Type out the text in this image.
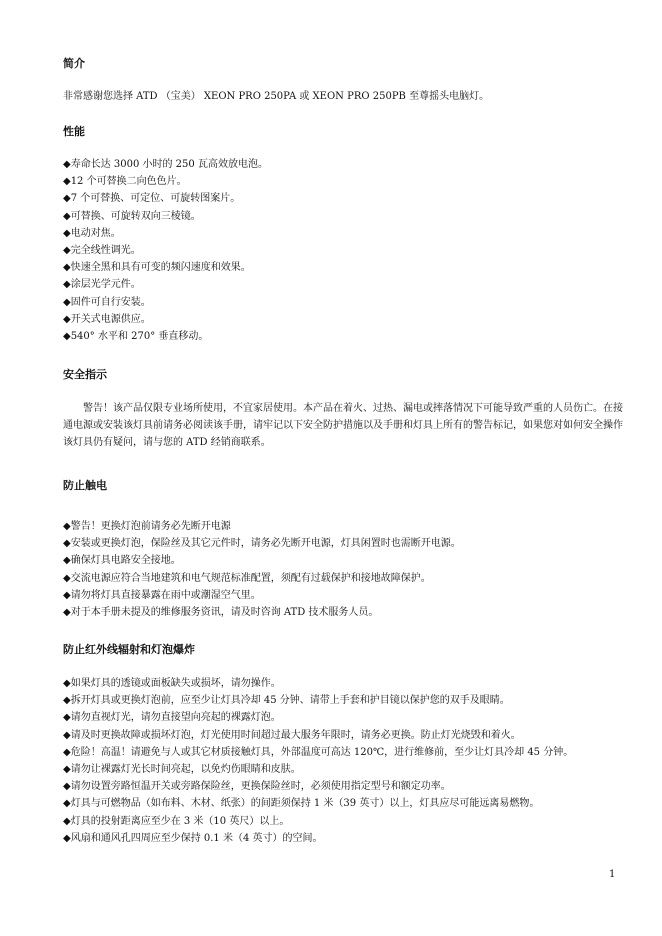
简介
非常感谢您选择 ATD （宝美） XEON PRO 250PA 或 XEON PRO 250PB 至尊摇头电脑灯。
性能
◆寿命长达 3000 小时的 250 瓦高效放电泡。
◆12 个可替换二向色色片。
◆7 个可替换、可定位、可旋转图案片。
◆可替换、可旋转双向三棱镜。
◆电动对焦。
◆完全线性调光。
◆快速全黑和具有可变的频闪速度和效果。
◆涂层光学元件。
◆固件可自行安装。
◆开关式电源供应。
◆540° 水平和 270° 垂直移动。
安全指示
警告！该产品仅限专业场所使用，不宜家居使用。本产品在着火、过热、漏电或摔落情况下可能导致严重的人员伤亡。在接通电源或安装该灯具前请务必阅读该手册，请牢记以下安全防护措施以及手册和灯具上所有的警告标记，如果您对如何安全操作该灯具仍有疑问，请与您的 ATD 经销商联系。
防止触电
◆警告！更换灯泡前请务必先断开电源
◆安装或更换灯泡，保险丝及其它元件时，请务必先断开电源，灯具闲置时也需断开电源。
◆确保灯具电路安全接地。
◆交流电源应符合当地建筑和电气规范标准配置，须配有过载保护和接地故障保护。
◆请勿将灯具直接暴露在雨中或潮湿空气里。
◆对于本手册未提及的维修服务资讯，请及时咨询 ATD 技术服务人员。
防止红外线辐射和灯泡爆炸
◆如果灯具的透镜或面板缺失或损坏，请勿操作。
◆拆开灯具或更换灯泡前，应至少让灯具冷却 45 分钟、请带上手套和护目镜以保护您的双手及眼睛。
◆请勿直视灯光，请勿直接望向亮起的裸露灯泡。
◆请及时更换故障或损坏灯泡，灯光使用时间超过最大服务年限时，请务必更换。防止灯光烧毁和着火。
◆危险！高温！请避免与人或其它材质接触灯具，外部温度可高达 120℃，进行维修前，至少让灯具冷却 45 分钟。
◆请勿让裸露灯光长时间亮起，以免灼伤眼睛和皮肤。
◆请勿设置旁路恒温开关或旁路保险丝，更换保险丝时，必须使用指定型号和额定功率。
◆灯具与可燃物品（如布料、木材、纸张）的间距须保持 1 米（39 英寸）以上，灯具应尽可能远离易燃物。
◆灯具的投射距离应至少在 3 米（10 英尺）以上。
◆风扇和通风孔四周应至少保持 0.1 米（4 英寸）的空间。
1
